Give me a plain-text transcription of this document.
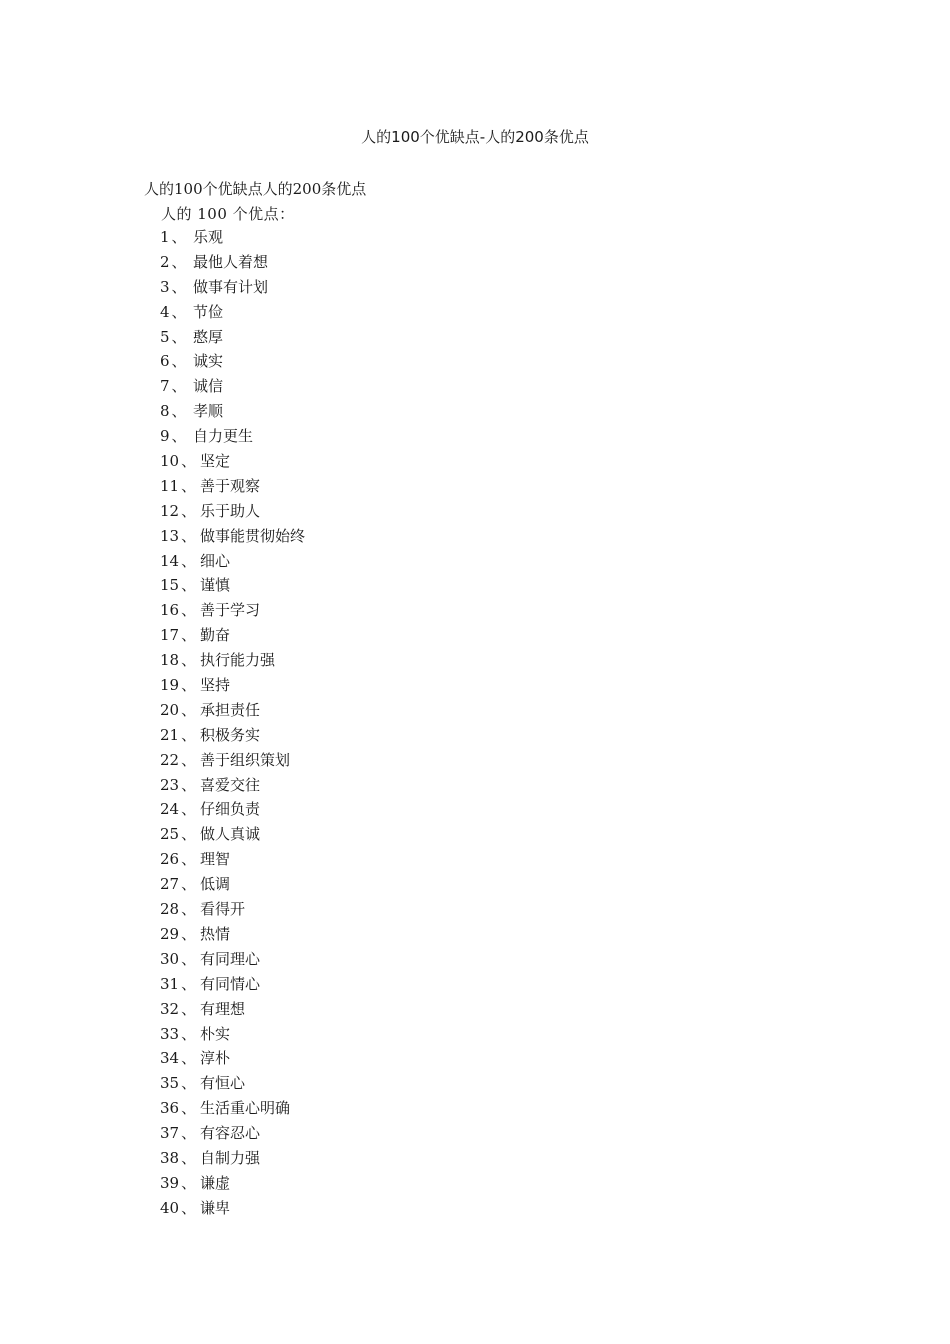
人的100个优缺点-人的200条优点

人的100个优缺点人的200条优点

人的 100 个优点：

1 、 乐观
2 、 最他人着想
3 、 做事有计划
4 、 节俭
5 、 憨厚
6 、 诚实
7 、 诚信
8 、 孝顺
9 、 自力更生
10 、 坚定
11 、 善于观察
12 、 乐于助人
13 、 做事能贯彻始终
14 、 细心
15 、 谨慎
16 、 善于学习
17 、 勤奋
18 、 执行能力强
19 、 坚持
20 、 承担责任
21 、 积极务实
22 、 善于组织策划
23 、 喜爱交往
24 、 仔细负责
25 、 做人真诚
26 、 理智
27 、 低调
28 、 看得开
29 、 热情
30 、 有同理心
31 、 有同情心
32 、 有理想
33 、 朴实
34 、 淳朴
35 、 有恒心
36 、 生活重心明确
37 、 有容忍心
38 、 自制力强
39 、 谦虚
40 、 谦卑
